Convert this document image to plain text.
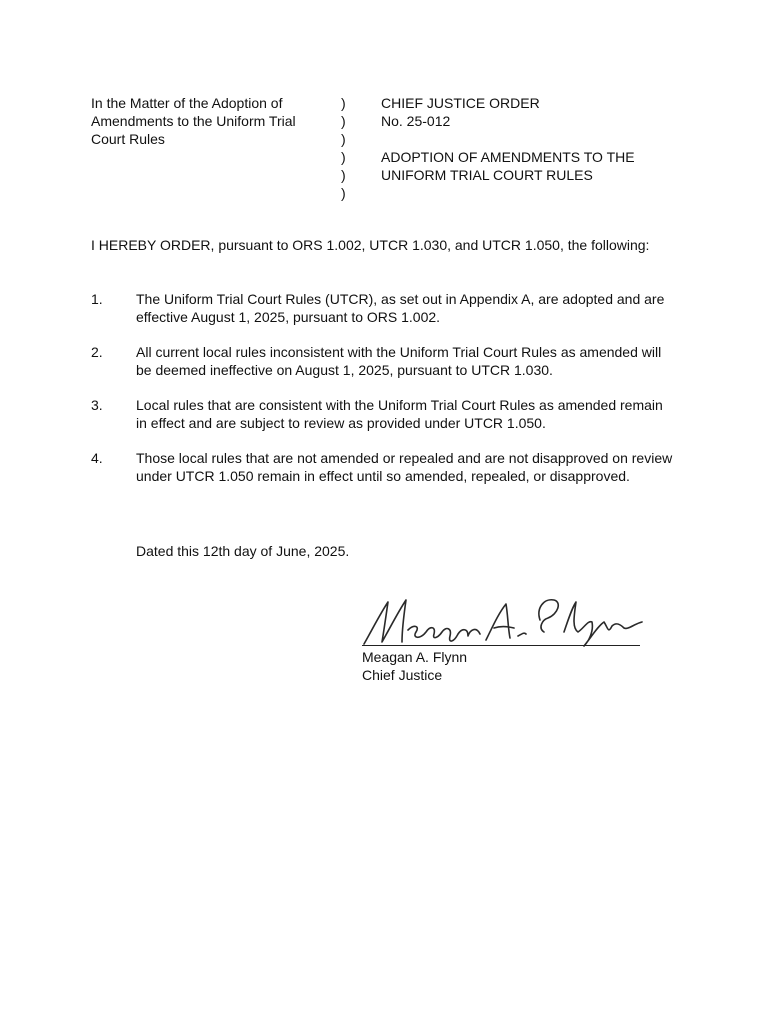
In the Matter of the Adoption of
Amendments to the Uniform Trial
Court Rules
)
)
)
)
)
)
CHIEF JUSTICE ORDER
No. 25-012
ADOPTION OF AMENDMENTS TO THE
UNIFORM TRIAL COURT RULES
I HEREBY ORDER, pursuant to ORS 1.002, UTCR 1.030, and UTCR 1.050, the following:
1.	The Uniform Trial Court Rules (UTCR), as set out in Appendix A, are adopted and are effective August 1, 2025, pursuant to ORS 1.002.
2.	All current local rules inconsistent with the Uniform Trial Court Rules as amended will be deemed ineffective on August 1, 2025, pursuant to UTCR 1.030.
3.	Local rules that are consistent with the Uniform Trial Court Rules as amended remain in effect and are subject to review as provided under UTCR 1.050.
4.	Those local rules that are not amended or repealed and are not disapproved on review under UTCR 1.050 remain in effect until so amended, repealed, or disapproved.
Dated this 12th day of June, 2025.
Meagan A. Flynn
Chief Justice
